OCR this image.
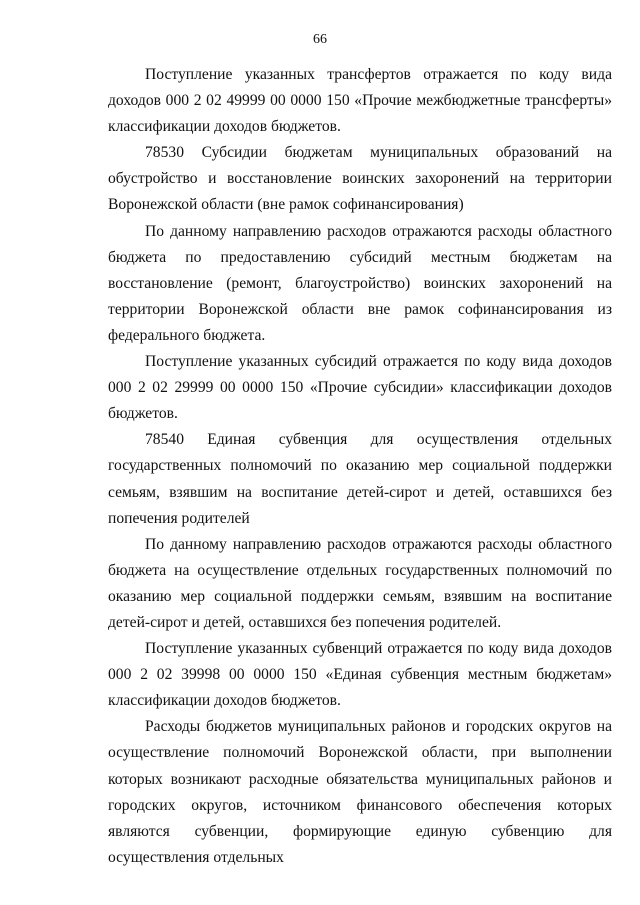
66

Поступление указанных трансфертов отражается по коду вида доходов 000 2 02 49999 00 0000 150 «Прочие межбюджетные трансферты» классификации доходов бюджетов.

78530 Субсидии бюджетам муниципальных образований на обустройство и восстановление воинских захоронений на территории Воронежской области (вне рамок софинансирования)

По данному направлению расходов отражаются расходы областного бюджета по предоставлению субсидий местным бюджетам на восстановление (ремонт, благоустройство) воинских захоронений на территории Воронежской области вне рамок софинансирования из федерального бюджета.

Поступление указанных субсидий отражается по коду вида доходов 000 2 02 29999 00 0000 150 «Прочие субсидии» классификации доходов бюджетов.

78540 Единая субвенция для осуществления отдельных государственных полномочий по оказанию мер социальной поддержки семьям, взявшим на воспитание детей-сирот и детей, оставшихся без попечения родителей

По данному направлению расходов отражаются расходы областного бюджета на осуществление отдельных государственных полномочий по оказанию мер социальной поддержки семьям, взявшим на воспитание детей-сирот и детей, оставшихся без попечения родителей.

Поступление указанных субвенций отражается по коду вида доходов 000 2 02 39998 00 0000 150 «Единая субвенция местным бюджетам» классификации доходов бюджетов.

Расходы бюджетов муниципальных районов и городских округов на осуществление полномочий Воронежской области, при выполнении которых возникают расходные обязательства муниципальных районов и городских округов, источником финансового обеспечения которых являются субвенции, формирующие единую субвенцию для осуществления отдельных
